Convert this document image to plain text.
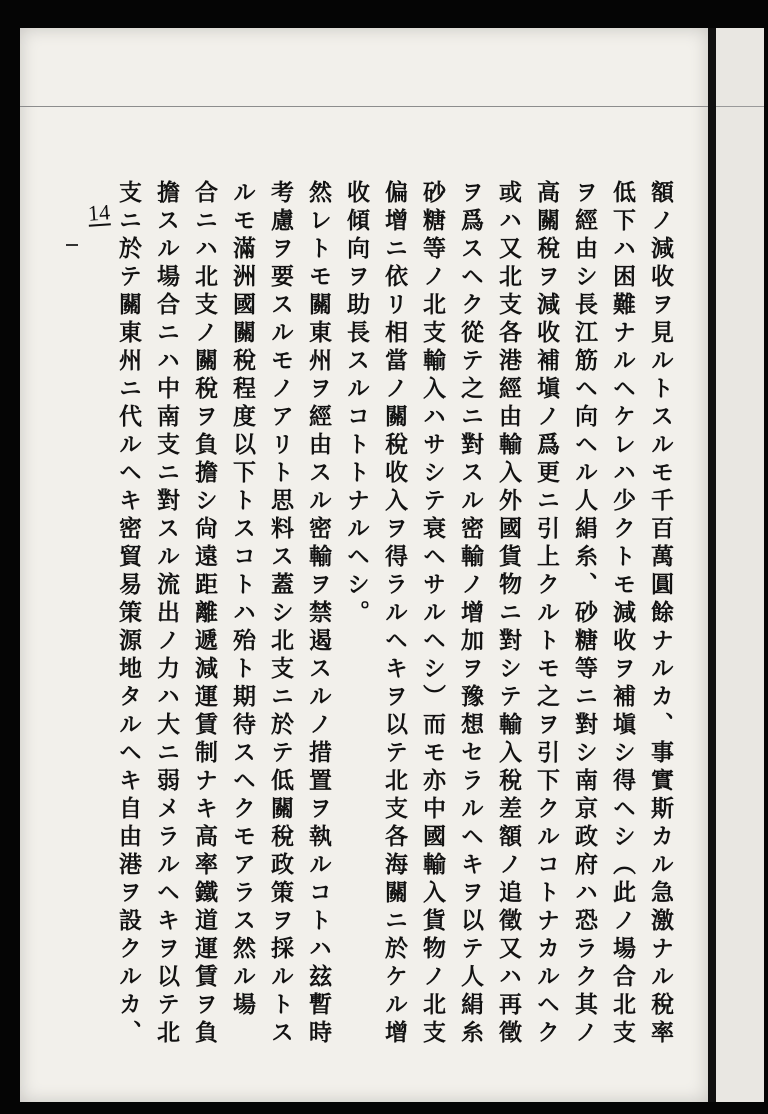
14	額ノ減收ヲ見ルトスルモ千百萬圓餘ナルカ、事實斯カル急激ナル稅率
低下ハ困難ナルヘケレハ少クトモ減收ヲ補塡シ得ヘシ（此ノ場合北支
ヲ經由シ長江筋ヘ向ヘル人絹糸、砂糖等ニ對シ南京政府ハ恐ラク其ノ
高關稅ヲ減收補塡ノ爲更ニ引上クルトモ之ヲ引下クルコトナカルヘク
或ハ又北支各港經由輸入外國貨物ニ對シテ輸入稅差額ノ追徵又ハ再徵
ヲ爲スヘク從テ之ニ對スル密輸ノ增加ヲ豫想セラルヘキヲ以テ人絹糸
砂糖等ノ北支輸入ハサシテ衰ヘサルヘシ）而モ亦中國輸入貨物ノ北支
偏增ニ依リ相當ノ關稅收入ヲ得ラルヘキヲ以テ北支各海關ニ於ケル增
收傾向ヲ助長スルコトトナルヘシ。
然レトモ關東州ヲ經由スル密輸ヲ禁遏スルノ措置ヲ執ルコトハ玆暫時
考慮ヲ要スルモノアリト思料ス蓋シ北支ニ於テ低關稅政策ヲ採ルトス
ルモ滿洲國關稅程度以下トスコトハ殆ト期待スヘクモアラス然ル場
合ニハ北支ノ關稅ヲ負擔シ尙遠距離遞減運賃制ナキ高率鐵道運賃ヲ負
擔スル場合ニハ中南支ニ對スル流出ノ力ハ大ニ弱メラルヘキヲ以テ北
支ニ於テ關東州ニ代ルヘキ密貿易策源地タルヘキ自由港ヲ設クルカ、
